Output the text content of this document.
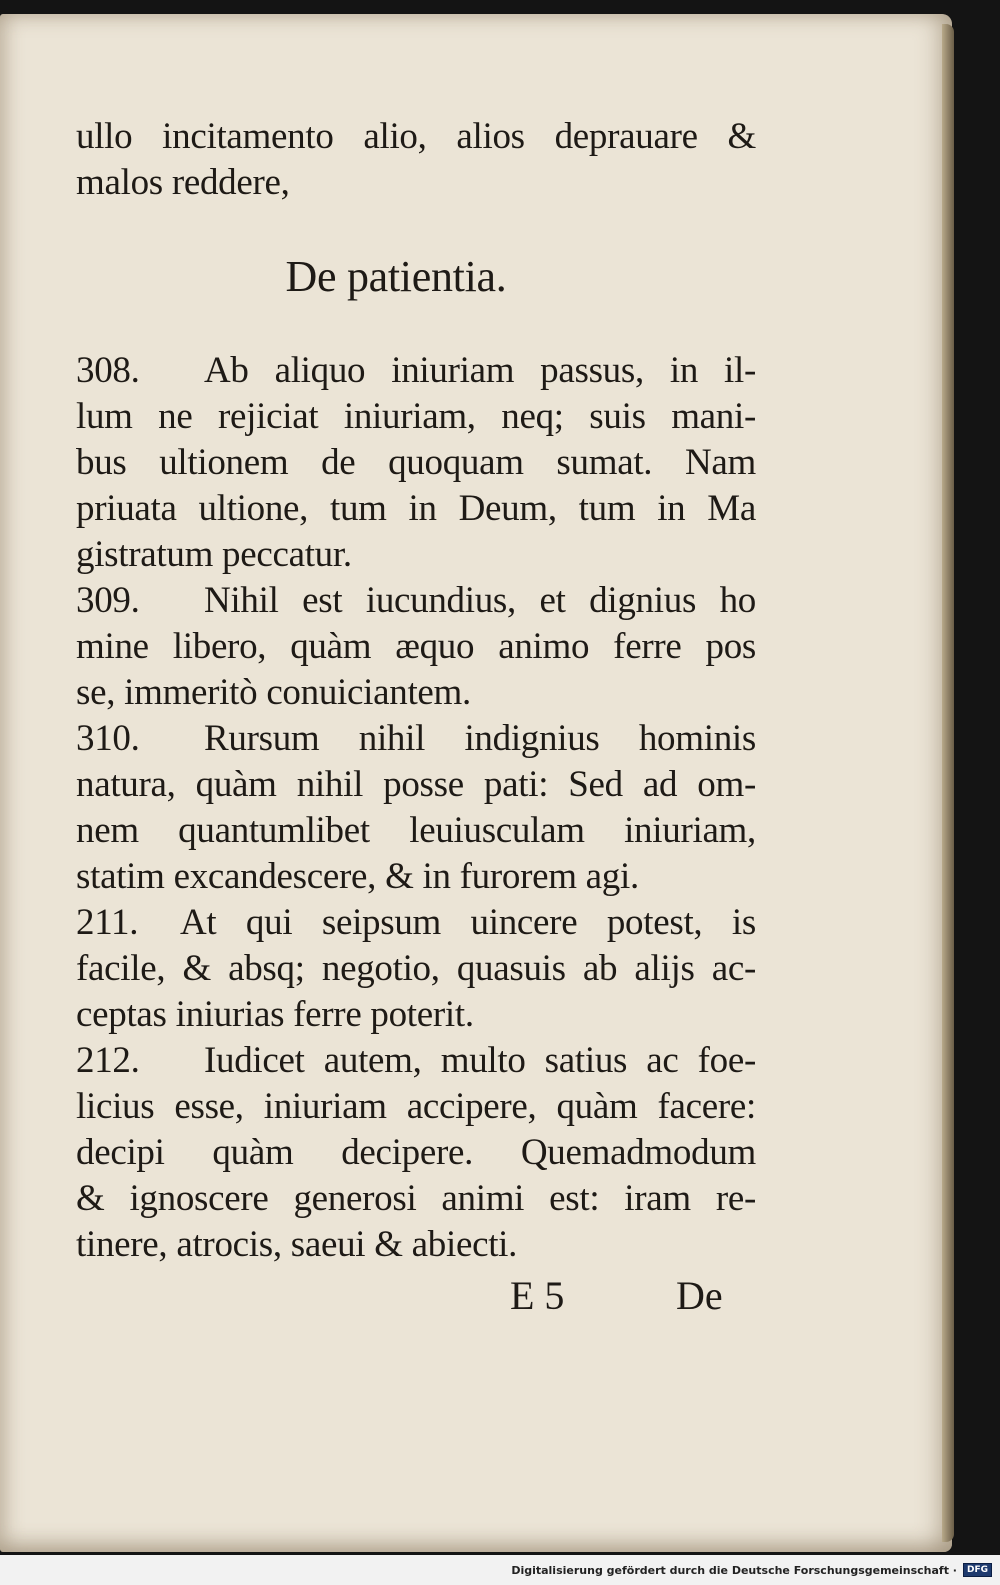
ullo incitamento alio, alios deprauare &
malos reddere,
De patientia.
308. Ab aliquo iniuriam passus, in il-
lum ne rejiciat iniuriam, neq; suis mani-
bus ultionem de quoquam sumat. Nam
priuata ultione, tum in Deum, tum in Ma
gistratum peccatur.
309. Nihil est iucundius, et dignius ho
mine libero, quàm æquo animo ferre pos
se, immeritò conuiciantem.
310. Rursum nihil indignius hominis
natura, quàm nihil posse pati: Sed ad om-
nem quantumlibet leuiusculam iniuriam,
statim excandescere, & in furorem agi.
211. At qui seipsum uincere potest, is
facile, & absq; negotio, quasuis ab alijs ac-
ceptas iniurias ferre poterit.
212. Iudicet autem, multo satius ac foe-
licius esse, iniuriam accipere, quàm facere:
decipi quàm decipere. Quemadmodum
& ignoscere generosi animi est: iram re-
tinere, atrocis, saeui & abiecti.
E 5	De
Digitalisierung gefördert durch die Deutsche Forschungsgemeinschaft ·	DFG
